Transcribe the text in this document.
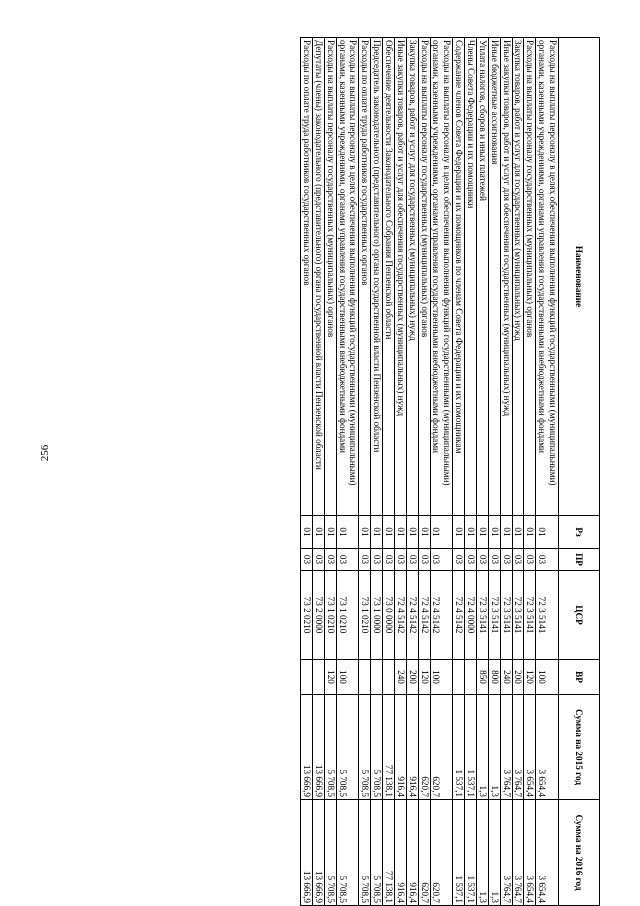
256
Наименование	Рз	ПР	ЦСР	ВР	Сумма на 2015 год	Сумма на 2016 год
Расходы на выплаты персоналу в целях обеспечения выполнения функций государственными (муниципальными) органами, казенными учреждениями, органами управления государственными внебюджетными фондами	01	03	72 3 5141	100	3 654,4	3 654,4
Расходы на выплаты персоналу государственных (муниципальных) органов	01	03	72 3 5141	120	3 654,4	3 654,4
Закупка товаров, работ и услуг для государственных (муниципальных) нужд	01	03	72 3 5141	200	3 764,7	3 764,7
Иные закупки товаров, работ и услуг для обеспечения государственных (муниципальных) нужд	01	03	72 3 5141	240	3 764,7	3 764,7
Иные бюджетные ассигнования	01	03	72 3 5141	800	1,3	1,3
Уплата налогов, сборов и иных платежей	01	03	72 3 5141	850	1,3	1,3
Члены Совета Федерации и их помощники	01	03	72 4 0000		1 537,1	1 537,1
Содержание членов Совета Федерации и их помощников по членам Совета Федерации и их помощникам	01	03	72 4 5142		1 537,1	1 537,1
Расходы на выплаты персоналу в целях обеспечения выполнения функций государственными (муниципальными) органами, казенными учреждениями, органами управления государственными внебюджетными фондами	01	03	72 4 5142	100	620,7	620,7
Расходы на выплаты персоналу государственных (муниципальных) органов	01	03	72 4 5142	120	620,7	620,7
Закупка товаров, работ и услуг для государственных (муниципальных) нужд	01	03	72 4 5142	200	916,4	916,4
Иные закупки товаров, работ и услуг для обеспечения государственных (муниципальных) нужд	01	03	72 4 5142	240	916,4	916,4
Обеспечение деятельности Законодательного Собрания Пензенской области	01	03	73 0 0000		77 138,1	77 138,1
Председатель законодательного (представительного) органа государственной власти Пензенской области	01	03	73 1 0000		5 708,5	5 708,5
Расходы по оплате труда работников государственных органов	01	03	73 1 0210		5 708,5	5 708,5
Расходы на выплаты персоналу в целях обеспечения выполнения функций государственными (муниципальными) органами, казенными учреждениями, органами управления государственными внебюджетными фондами	01	03	73 1 0210	100	5 708,5	5 708,5
Расходы на выплаты персоналу государственных (муниципальных) органов	01	03	73 1 0210	120	5 708,5	5 708,5
Депутаты (члены) законодательного (представительного) органа государственной власти Пензенской области	01	03	73 2 0000		13 666,9	13 666,9
Расходы по оплате труда работников государственных органов	01	03	73 2 0210		13 666,9	13 666,9
